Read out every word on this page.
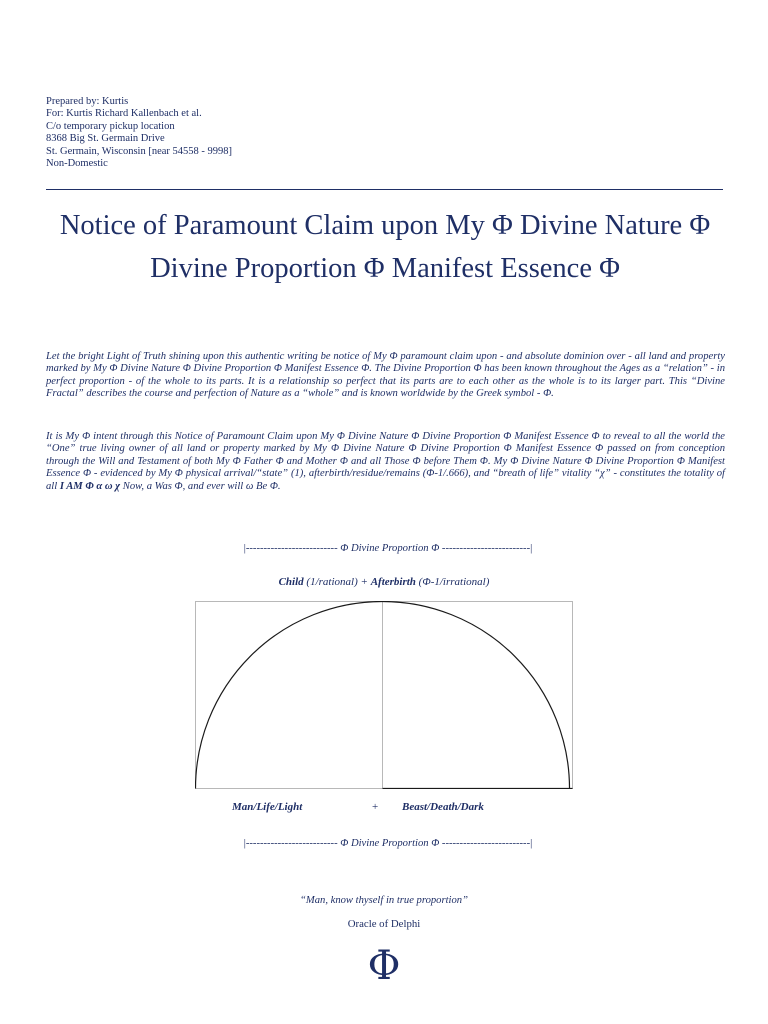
Prepared by: Kurtis
For: Kurtis Richard Kallenbach et al.
C/o temporary pickup location
8368 Big St. Germain Drive
St. Germain, Wisconsin [near 54558 - 9998]
Non-Domestic
Notice of Paramount Claim upon My Φ Divine Nature Φ Divine Proportion Φ Manifest Essence Φ
Let the bright Light of Truth shining upon this authentic writing be notice of My Φ paramount claim upon - and absolute dominion over - all land and property marked by My Φ Divine Nature Φ Divine Proportion Φ Manifest Essence Φ. The Divine Proportion Φ has been known throughout the Ages as a “relation” - in perfect proportion - of the whole to its parts. It is a relationship so perfect that its parts are to each other as the whole is to its larger part. This “Divine Fractal” describes the course and perfection of Nature as a “whole” and is known worldwide by the Greek symbol - Φ.
It is My Φ intent through this Notice of Paramount Claim upon My Φ Divine Nature Φ Divine Proportion Φ Manifest Essence Φ to reveal to all the world the “One” true living owner of all land or property marked by My Φ Divine Nature Φ Divine Proportion Φ Manifest Essence Φ passed on from conception through the Will and Testament of both My Φ Father Φ and Mother Φ and all Those Φ before Them Φ. My Φ Divine Nature Φ Divine Proportion Φ Manifest Essence Φ - evidenced by My Φ physical arrival/“state” (1), afterbirth/residue/remains (Φ-1/.666), and “breath of life” vitality “χ” - constitutes the totality of all I AM Φ α ω χ Now, a Was Φ, and ever will ω Be Φ.
|-------------------------- Φ Divine Proportion Φ -------------------------|
Child (1/rational) + Afterbirth (Φ-1/irrational)
Man/Life/Light	+ Beast/Death/Dark
|-------------------------- Φ Divine Proportion Φ -------------------------|
“Man, know thyself in true proportion”
Oracle of Delphi
Φ
